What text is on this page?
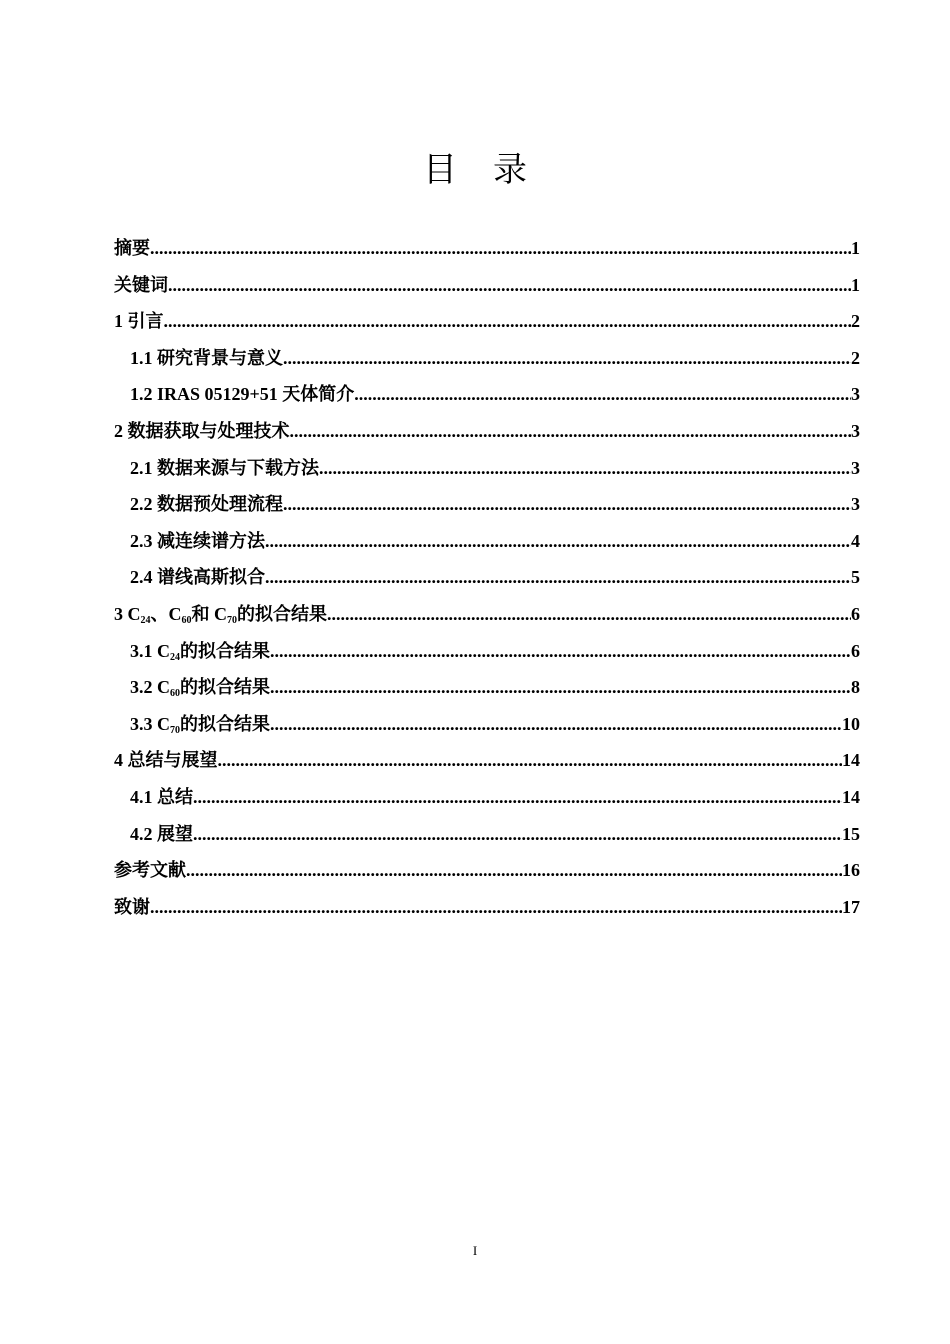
目 录
摘要 .....	1
关键词 .....	1
1 引言 .....	2
1.1 研究背景与意义 .....	2
1.2 IRAS 05129+51 天体简介 .....	3
2 数据获取与处理技术 .....	3
2.1 数据来源与下载方法 .....	3
2.2 数据预处理流程 .....	3
2.3 减连续谱方法 .....	4
2.4 谱线高斯拟合 .....	5
3 $C_{24}$、$C_{60}$和 $C_{70}$的拟合结果 .....	6
3.1 $C_{24}$的拟合结果 .....	6
3.2 $C_{60}$的拟合结果 .....	8
3.3 $C_{70}$的拟合结果 .....	10
4 总结与展望 .....	14
4.1 总结 .....	14
4.2 展望 .....	15
参考文献 .....	16
致谢 .....	17
I
